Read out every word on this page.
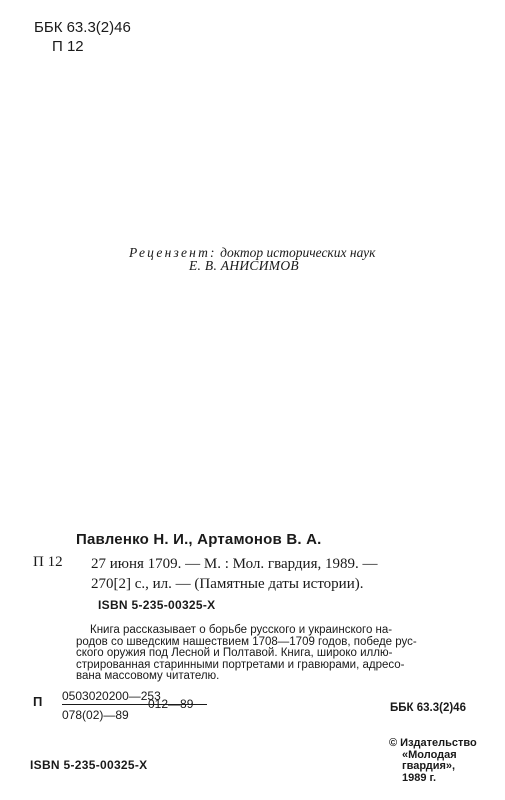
ББК 63.3(2)46
П 12
Рецензент: доктор исторических наук
Е. В. АНИСИМОВ
Павленко Н. И., Артамонов В. А.
П 12 27 июня 1709. — М. : Мол. гвардия, 1989. —
270[2] с., ил. — (Памятные даты истории).
ISBN 5-235-00325-X
Книга рассказывает о борьбе русского и украинского на-
родов со шведским нашествием 1708—1709 годов, победе рус-
ского оружия под Лесной и Полтавой. Книга, широко иллю-
стрированная старинными портретами и гравюрами, адресо-
вана массовому читателю.
П 0503020200—253
078(02)—89
012—89	ББК 63.3(2)46
© Издательство
«Молодая
гвардия»,
1989 г.
ISBN 5-235-00325-X
